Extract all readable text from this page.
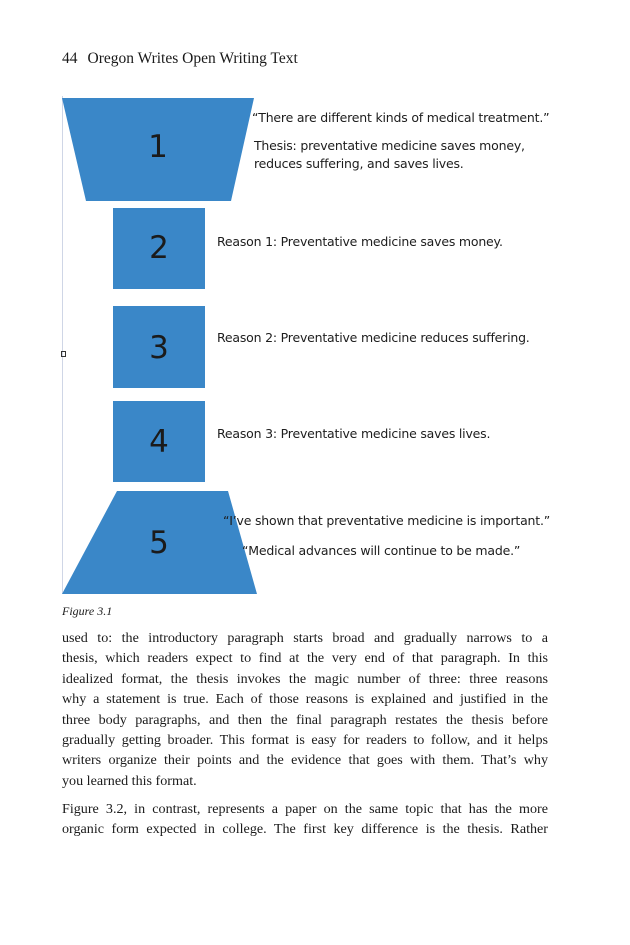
44 Oregon Writes Open Writing Text
1
2
3
4
5
“There are different kinds of medical treatment.”
Thesis: preventative medicine saves money,
reduces suffering, and saves lives.
Reason 1: Preventative medicine saves money.
Reason 2: Preventative medicine reduces suffering.
Reason 3: Preventative medicine saves lives.
“I’ve shown that preventative medicine is important.”
“Medical advances will continue to be made.”
Figure 3.1
used to: the introductory paragraph starts broad and gradually narrows to a
thesis, which readers expect to find at the very end of that paragraph. In this
idealized format, the thesis invokes the magic number of three: three reasons
why a statement is true. Each of those reasons is explained and justified in the
three body paragraphs, and then the final paragraph restates the thesis before
gradually getting broader. This format is easy for readers to follow, and it helps
writers organize their points and the evidence that goes with them. That’s why
you learned this format.
Figure 3.2, in contrast, represents a paper on the same topic that has the more
organic form expected in college. The first key difference is the thesis. Rather
